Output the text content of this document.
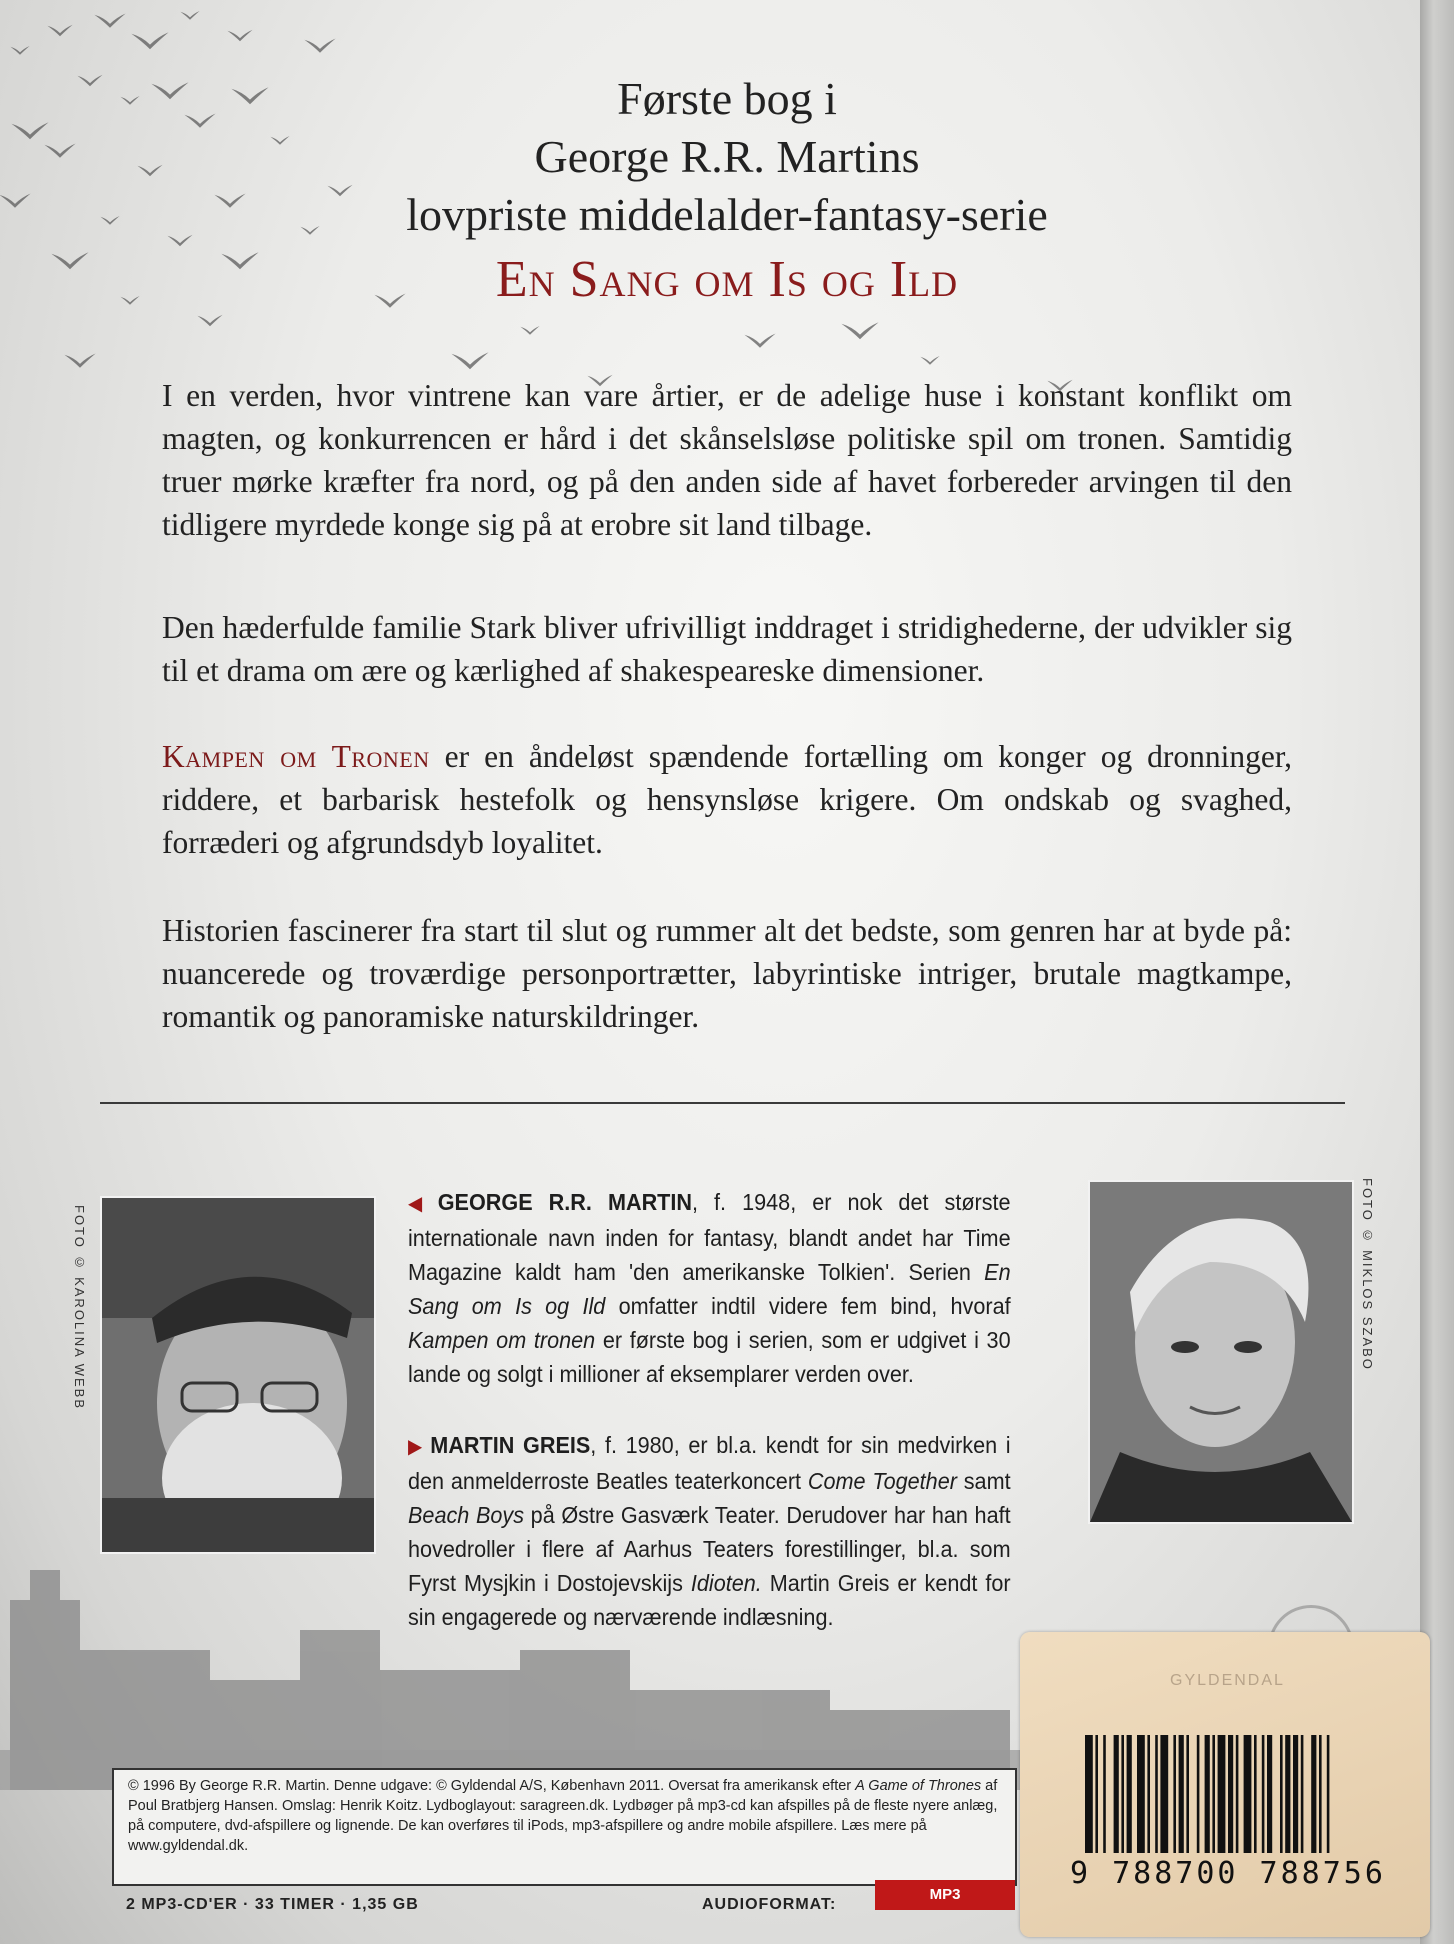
Første bog i
George R.R. Martins
lovpriste middelalder-fantasy-serie
En Sang om Is og Ild
I en verden, hvor vintrene kan vare årtier, er de adelige huse i konstant konflikt om magten, og konkurrencen er hård i det skånselsløse politiske spil om tronen. Samtidig truer mørke kræfter fra nord, og på den anden side af havet forbereder arvingen til den tidligere myrdede konge sig på at erobre sit land tilbage.
Den hæderfulde familie Stark bliver ufrivilligt inddraget i stridighederne, der udvikler sig til et drama om ære og kærlighed af shakespeareske dimensioner.
Kampen om Tronen er en åndeløst spændende fortælling om konger og dronninger, riddere, et barbarisk hestefolk og hensynsløse krigere. Om ondskab og svaghed, forræderi og afgrundsdyb loyalitet.
Historien fascinerer fra start til slut og rummer alt det bedste, som genren har at byde på: nuancerede og troværdige personportrætter, labyrintiske intriger, brutale magtkampe, romantik og panoramiske naturskildringer.
FOTO © KAROLINA WEBB
◀ GEORGE R.R. MARTIN, f. 1948, er nok det største internationale navn inden for fantasy, blandt andet har Time Magazine kaldt ham 'den amerikanske Tolkien'. Serien En Sang om Is og Ild omfatter indtil videre fem bind, hvoraf Kampen om tronen er første bog i serien, som er udgivet i 30 lande og solgt i millioner af eksemplarer verden over.
▶ MARTIN GREIS, f. 1980, er bl.a. kendt for sin medvirken i den anmelderroste Beatles teaterkoncert Come Together samt Beach Boys på Østre Gasværk Teater. Derudover har han haft hovedroller i flere af Aarhus Teaters forestillinger, bl.a. som Fyrst Mysjkin i Dostojevskijs Idioten. Martin Greis er kendt for sin engagerede og nærværende indlæsning.
FOTO © MIKLOS SZABO
© 1996 By George R.R. Martin. Denne udgave: © Gyldendal A/S, København 2011. Oversat fra amerikansk efter A Game of Thrones af Poul Bratbjerg Hansen. Omslag: Henrik Koitz. Lydboglayout: saragreen.dk. Lydbøger på mp3-cd kan afspilles på de fleste nyere anlæg, på computere, dvd-afspillere og lignende. De kan overføres til iPods, mp3-afspillere og andre mobile afspillere. Læs mere på www.gyldendal.dk.
2 MP3-CD'ER · 33 TIMER · 1,35 GB	AUDIOFORMAT:
MP3
GYLDENDAL
9 788700 788756
